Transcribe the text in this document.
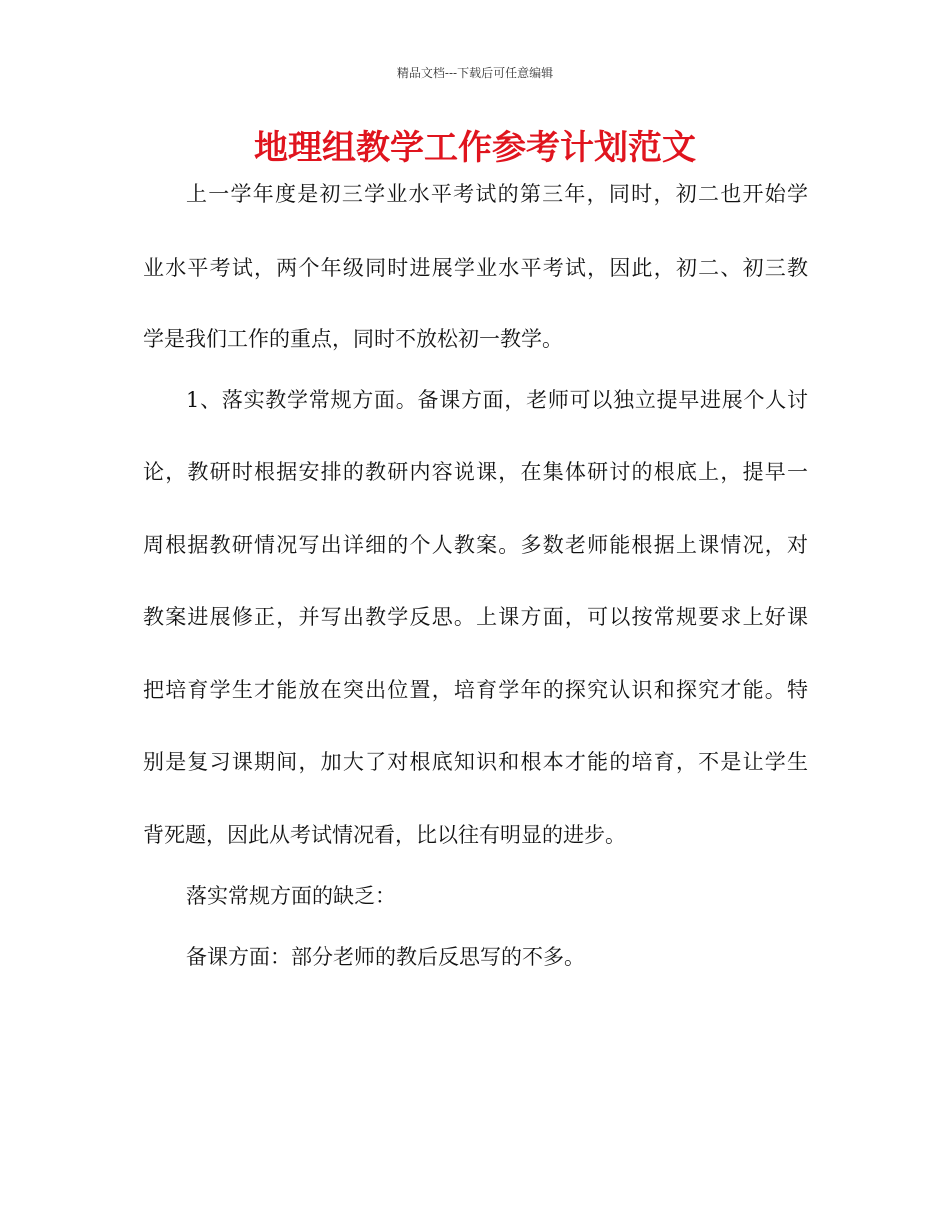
精品文档---下载后可任意编辑
地理组教学工作参考计划范文
上一学年度是初三学业水平考试的第三年，同时，初二也开始学
业水平考试，两个年级同时进展学业水平考试，因此，初二、初三教
学是我们工作的重点，同时不放松初一教学。
1、落实教学常规方面。备课方面，老师可以独立提早进展个人讨
论，教研时根据安排的教研内容说课，在集体研讨的根底上，提早一
周根据教研情况写出详细的个人教案。多数老师能根据上课情况，对
教案进展修正，并写出教学反思。上课方面，可以按常规要求上好课
把培育学生才能放在突出位置，培育学年的探究认识和探究才能。特
别是复习课期间，加大了对根底知识和根本才能的培育，不是让学生
背死题，因此从考试情况看，比以往有明显的进步。
落实常规方面的缺乏：
备课方面：部分老师的教后反思写的不多。
